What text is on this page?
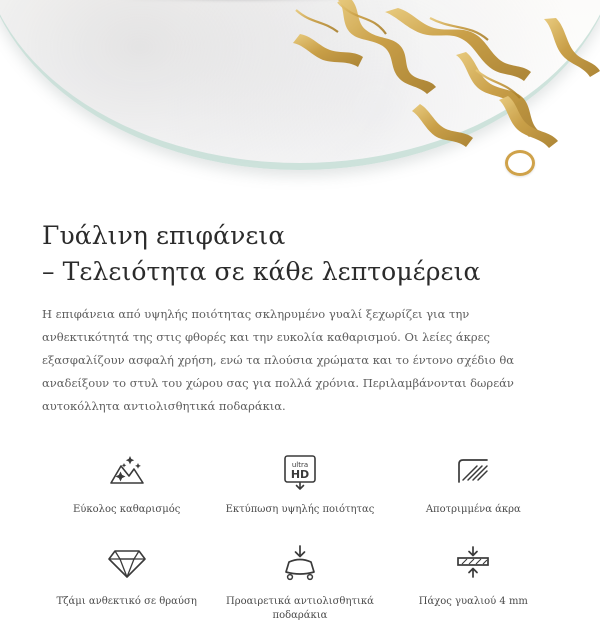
Γυάλινη επιφάνεια
– Τελειότητα σε κάθε λεπτομέρεια

Η επιφάνεια από υψηλής ποιότητας σκληρυμένο γυαλί ξεχωρίζει για την ανθεκτικότητά της στις φθορές και την ευκολία καθαρισμού. Οι λείες άκρες εξασφαλίζουν ασφαλή χρήση, ενώ τα πλούσια χρώματα και το έντονο σχέδιο θα αναδείξουν το στυλ του χώρου σας για πολλά χρόνια. Περιλαμβάνονται δωρεάν αυτοκόλλητα αντιολισθητικά ποδαράκια.

Εύκολος καθαρισμός
ultra
HD
Εκτύπωση υψηλής ποιότητας	Αποτριμμένα άκρα
Τζάμι ανθεκτικό σε θραύση	Προαιρετικά αντιολισθητικά ποδαράκια
Πάχος γυαλιού 4 mm
